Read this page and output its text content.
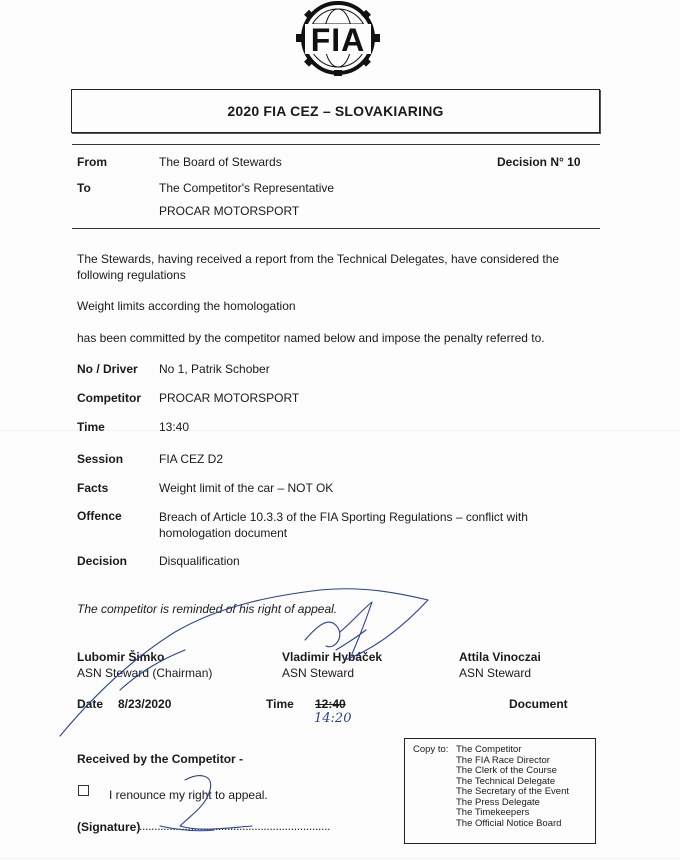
FIA
2020 FIA CEZ – SLOVAKIARING
From	The Board of Stewards	Decision N° 10
To	The Competitor's Representative
PROCAR MOTORSPORT
The Stewards, having received a report from the Technical Delegates, have considered the following regulations
Weight limits according the homologation
has been committed by the competitor named below and impose the penalty referred to.
No / Driver No 1, Patrik Schober
Competitor PROCAR MOTORSPORT
Time	13:40
Session	FIA CEZ D2
Facts	Weight limit of the car – NOT OK
Offence	Breach of Article 10.3.3 of the FIA Sporting Regulations – conflict with homologation document
Decision	Disqualification
The competitor is reminded of his right of appeal.
Lubomir Šimko
ASN Steward (Chairman)
Vladimir Hybáček
ASN Steward
Attila Vinoczai
ASN Steward
Date 8/23/2020	Time 12:40
14:20
Document
Received by the Competitor -
I renounce my right to appeal.
(Signature)
...............................................................
Copy to: The Competitor
The FIA Race Director
The Clerk of the Course
The Technical Delegate
The Secretary of the Event
The Press Delegate
The Timekeepers
The Official Notice Board
